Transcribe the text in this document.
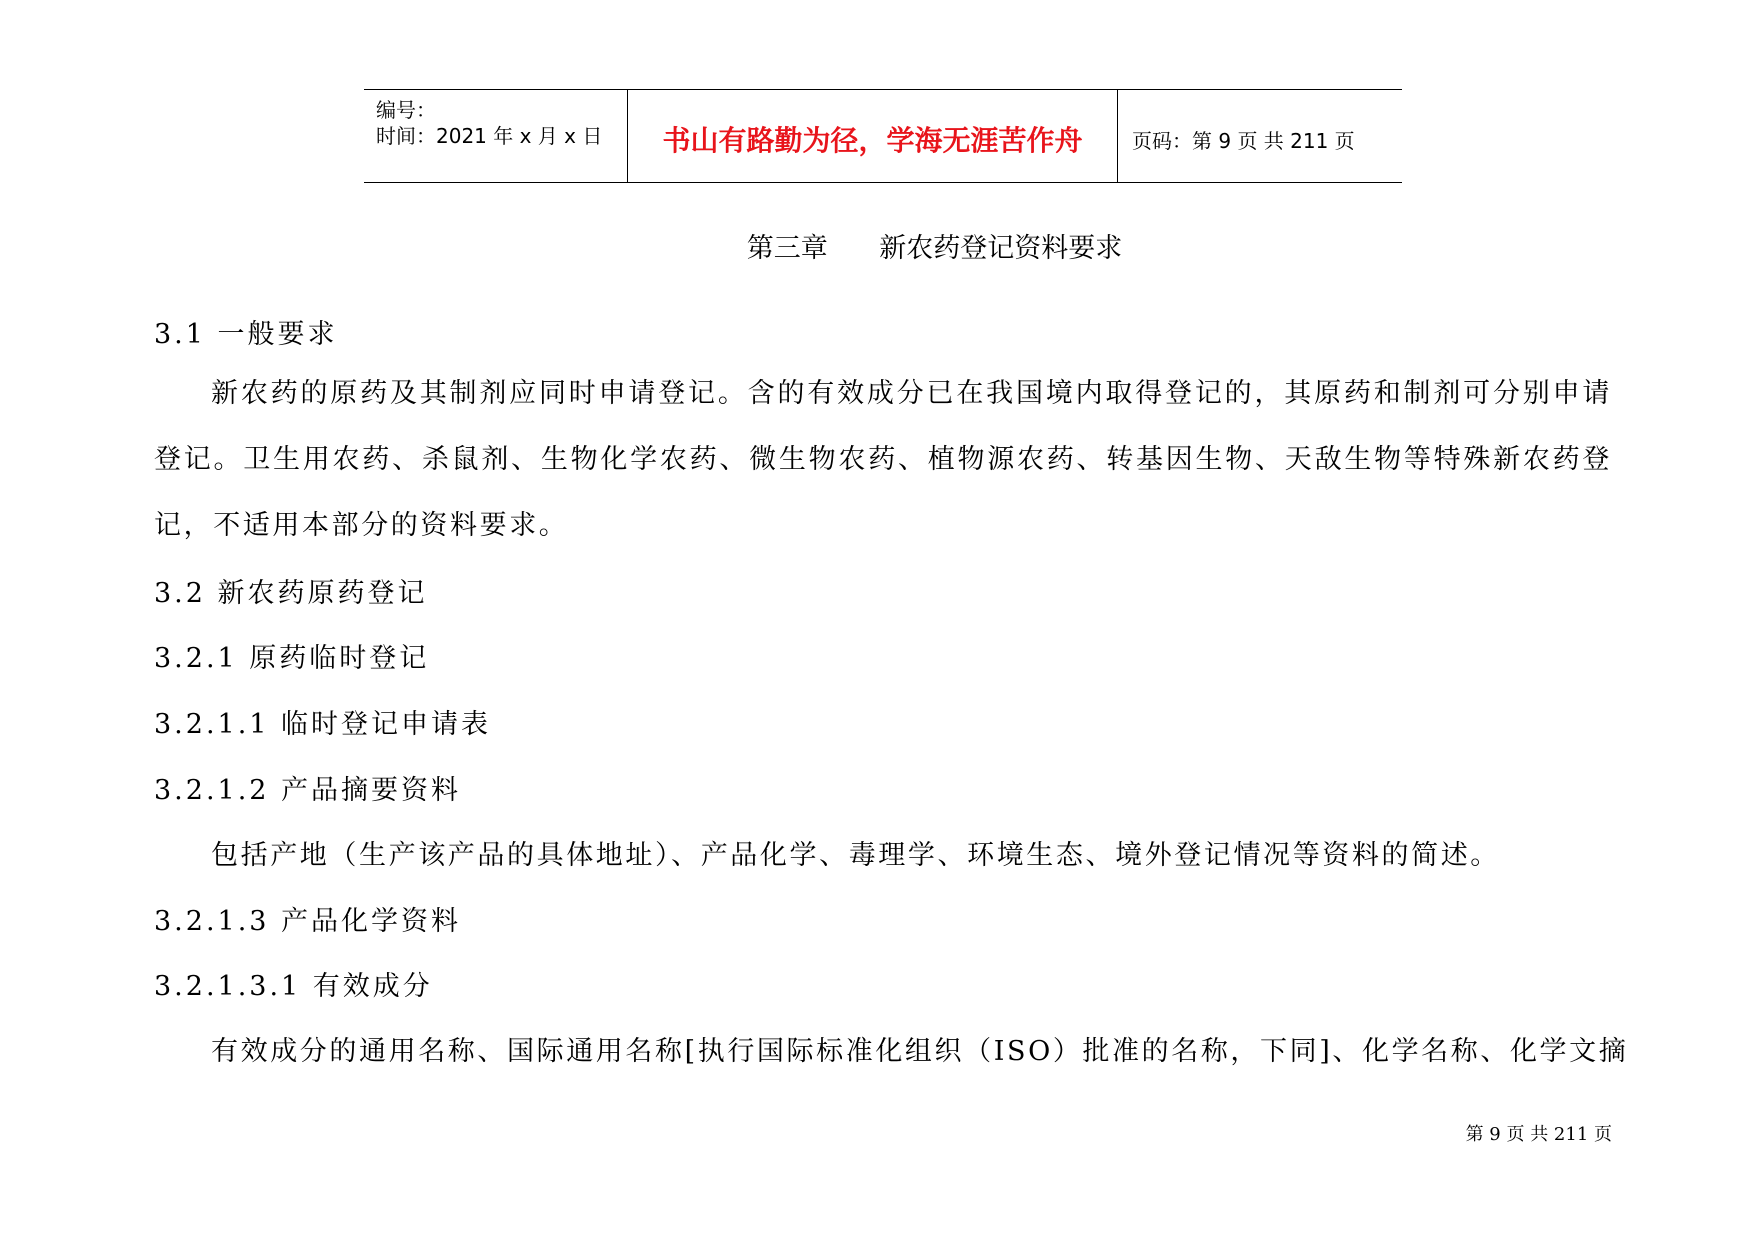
编号：
时间：2021 年 x 月 x 日	书山有路勤为径，学海无涯苦作舟	页码：第 9 页 共 211 页
第三章      新农药登记资料要求
3.1 一般要求
新农药的原药及其制剂应同时申请登记。含的有效成分已在我国境内取得登记的，其原药和制剂可分别申请登记。卫生用农药、杀鼠剂、生物化学农药、微生物农药、植物源农药、转基因生物、天敌生物等特殊新农药登记，不适用本部分的资料要求。
3.2 新农药原药登记
3.2.1 原药临时登记
3.2.1.1 临时登记申请表
3.2.1.2 产品摘要资料
包括产地（生产该产品的具体地址）、产品化学、毒理学、环境生态、境外登记情况等资料的简述。
3.2.1.3 产品化学资料
3.2.1.3.1 有效成分
有效成分的通用名称、国际通用名称[执行国际标准化组织（ISO）批准的名称，下同]、化学名称、化学文摘
第 9 页 共 211 页
